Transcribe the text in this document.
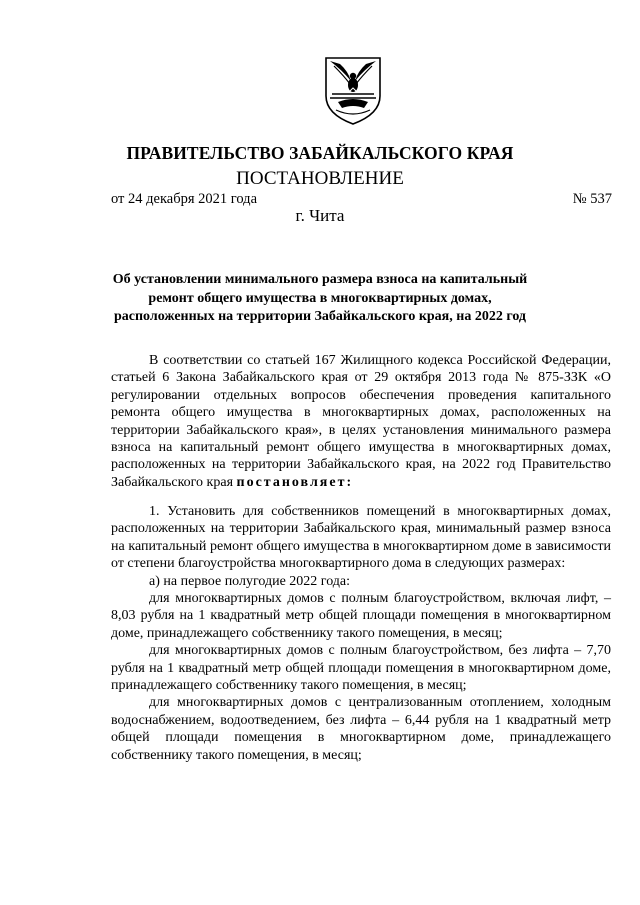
ПРАВИТЕЛЬСТВО ЗАБАЙКАЛЬСКОГО КРАЯ
ПОСТАНОВЛЕНИЕ
от 24 декабря 2021 года	№ 537
г. Чита
Об установлении минимального размера взноса на капитальный ремонт общего имущества в многоквартирных домах, расположенных на территории Забайкальского края, на 2022 год

В соответствии со статьей 167 Жилищного кодекса Российской Федерации, статьей 6 Закона Забайкальского края от 29 октября 2013 года № 875-ЗЗК «О регулировании отдельных вопросов обеспечения проведения капитального ремонта общего имущества в многоквартирных домах, расположенных на территории Забайкальского края», в целях установления минимального размера взноса на капитальный ремонт общего имущества в многоквартирных домах, расположенных на территории Забайкальского края, на 2022 год Правительство Забайкальского края постановляет:

1. Установить для собственников помещений в многоквартирных домах, расположенных на территории Забайкальского края, минимальный размер взноса на капитальный ремонт общего имущества в многоквартирном доме в зависимости от степени благоустройства многоквартирного дома в следующих размерах:

а) на первое полугодие 2022 года:

для многоквартирных домов с полным благоустройством, включая лифт, – 8,03 рубля на 1 квадратный метр общей площади помещения в многоквартирном доме, принадлежащего собственнику такого помещения, в месяц;

для многоквартирных домов с полным благоустройством, без лифта – 7,70 рубля на 1 квадратный метр общей площади помещения в многоквартирном доме, принадлежащего собственнику такого помещения, в месяц;

для многоквартирных домов с централизованным отоплением, холодным водоснабжением, водоотведением, без лифта – 6,44 рубля на 1 квадратный метр общей площади помещения в многоквартирном доме, принадлежащего собственнику такого помещения, в месяц;
